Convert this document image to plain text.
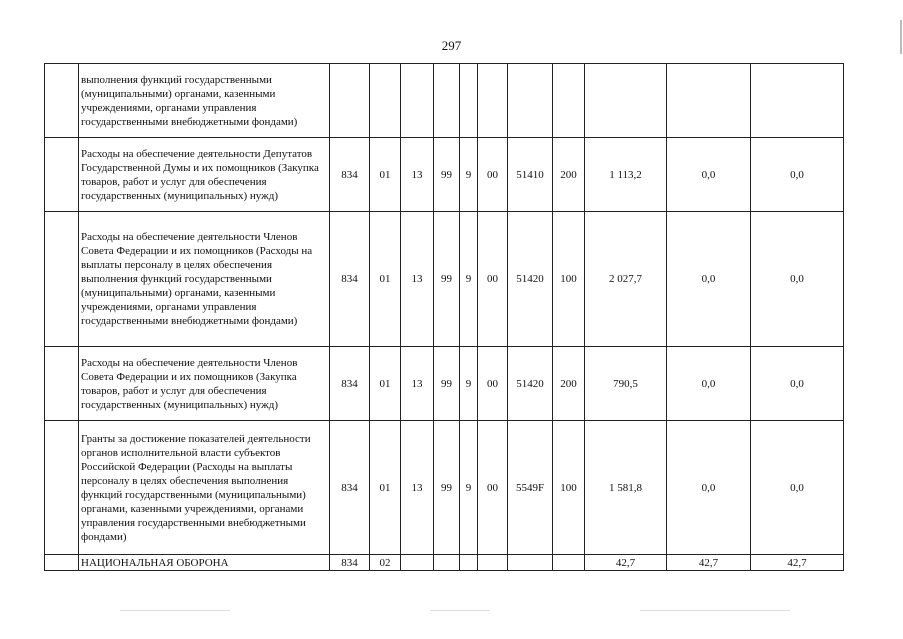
297
	выполнения функций государственными (муниципальными) органами, казенными учреждениями, органами управления государственными внебюджетными фондами)											
	Расходы на обеспечение деятельности Депутатов Государственной Думы и их помощников (Закупка товаров, работ и услуг для обеспечения государственных (муниципальных) нужд)	834	01	13	99	9	00	51410	200	1 113,2	0,0	0,0
	Расходы на обеспечение деятельности Членов Совета Федерации и их помощников (Расходы на выплаты персоналу в целях обеспечения выполнения функций государственными (муниципальными) органами, казенными учреждениями, органами управления государственными внебюджетными фондами)	834	01	13	99	9	00	51420	100	2 027,7	0,0	0,0
	Расходы на обеспечение деятельности Членов Совета Федерации и их помощников (Закупка товаров, работ и услуг для обеспечения государственных (муниципальных) нужд)	834	01	13	99	9	00	51420	200	790,5	0,0	0,0
	Гранты за достижение показателей деятельности органов исполнительной власти субъектов Российской Федерации (Расходы на выплаты персоналу в целях обеспечения выполнения функций государственными (муниципальными) органами, казенными учреждениями, органами управления государственными внебюджетными фондами)	834	01	13	99	9	00	5549F	100	1 581,8	0,0	0,0
	НАЦИОНАЛЬНАЯ ОБОРОНА	834	02							42,7	42,7	42,7
